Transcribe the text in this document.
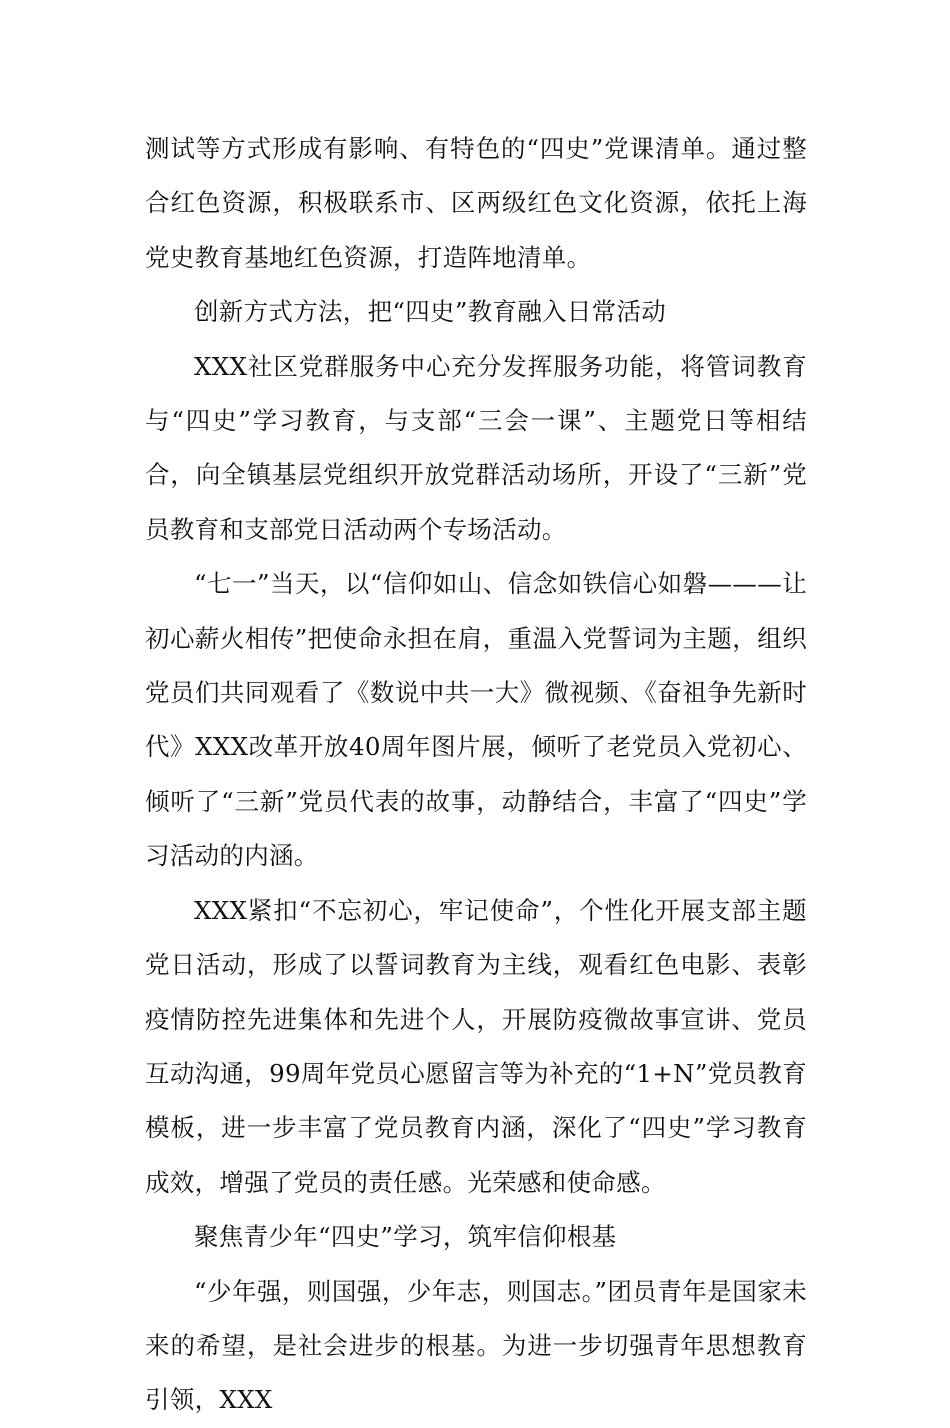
测试等方式形成有影响、有特色的“四史”党课清单。通过整合红色资源，积极联系市、区两级红色文化资源，依托上海党史教育基地红色资源，打造阵地清单。

创新方式方法，把“四史”教育融入日常活动

XXX社区党群服务中心充分发挥服务功能，将管词教育与“四史”学习教育，与支部“三会一课”、主题党日等相结合，向全镇基层党组织开放党群活动场所，开设了“三新”党员教育和支部党日活动两个专场活动。

“七一”当天，以“信仰如山、信念如铁信心如磐———让初心薪火相传”把使命永担在肩，重温入党誓词为主题，组织党员们共同观看了《数说中共一大》微视频、《奋祖争先新时代》XXX改革开放40周年图片展，倾听了老党员入党初心、倾听了“三新”党员代表的故事，动静结合，丰富了“四史”学习活动的内涵。

XXX紧扣“不忘初心，牢记使命”，个性化开展支部主题党日活动，形成了以誓词教育为主线，观看红色电影、表彰疫情防控先进集体和先进个人，开展防疫微故事宣讲、党员互动沟通，99周年党员心愿留言等为补充的“1+N”党员教育模板，进一步丰富了党员教育内涵，深化了“四史”学习教育成效，增强了党员的责任感。光荣感和使命感。

聚焦青少年“四史”学习，筑牢信仰根基

“少年强，则国强，少年志，则国志。”团员青年是国家未来的希望，是社会进步的根基。为进一步切强青年思想教育引领，XXX
